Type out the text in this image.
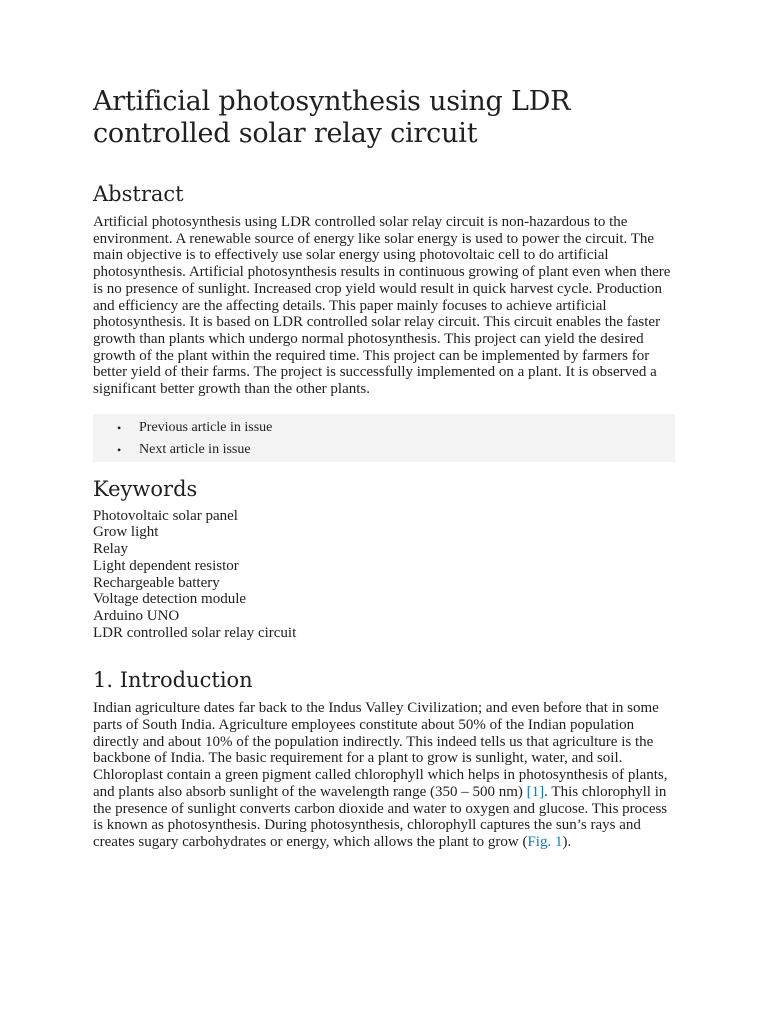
Artificial photosynthesis using LDR controlled solar relay circuit
Abstract

Artificial photosynthesis using LDR controlled solar relay circuit is non-hazardous to the environment. A renewable source of energy like solar energy is used to power the circuit. The main objective is to effectively use solar energy using photovoltaic cell to do artificial photosynthesis. Artificial photosynthesis results in continuous growing of plant even when there is no presence of sunlight. Increased crop yield would result in quick harvest cycle. Production and efficiency are the affecting details. This paper mainly focuses to achieve artificial photosynthesis. It is based on LDR controlled solar relay circuit. This circuit enables the faster growth than plants which undergo normal photosynthesis. This project can yield the desired growth of the plant within the required time. This project can be implemented by farmers for better yield of their farms. The project is successfully implemented on a plant. It is observed a significant better growth than the other plants.

• Previous article in issue
• Next article in issue
Keywords
Photovoltaic solar panel
Grow light
Relay
Light dependent resistor
Rechargeable battery
Voltage detection module
Arduino UNO
LDR controlled solar relay circuit
1. Introduction

Indian agriculture dates far back to the Indus Valley Civilization; and even before that in some parts of South India. Agriculture employees constitute about 50% of the Indian population directly and about 10% of the population indirectly. This indeed tells us that agriculture is the backbone of India. The basic requirement for a plant to grow is sunlight, water, and soil. Chloroplast contain a green pigment called chlorophyll which helps in photosynthesis of plants, and plants also absorb sunlight of the wavelength range (350 – 500 nm) [1]. This chlorophyll in the presence of sunlight converts carbon dioxide and water to oxygen and glucose. This process is known as photosynthesis. During photosynthesis, chlorophyll captures the sun’s rays and creates sugary carbohydrates or energy, which allows the plant to grow (Fig. 1).
